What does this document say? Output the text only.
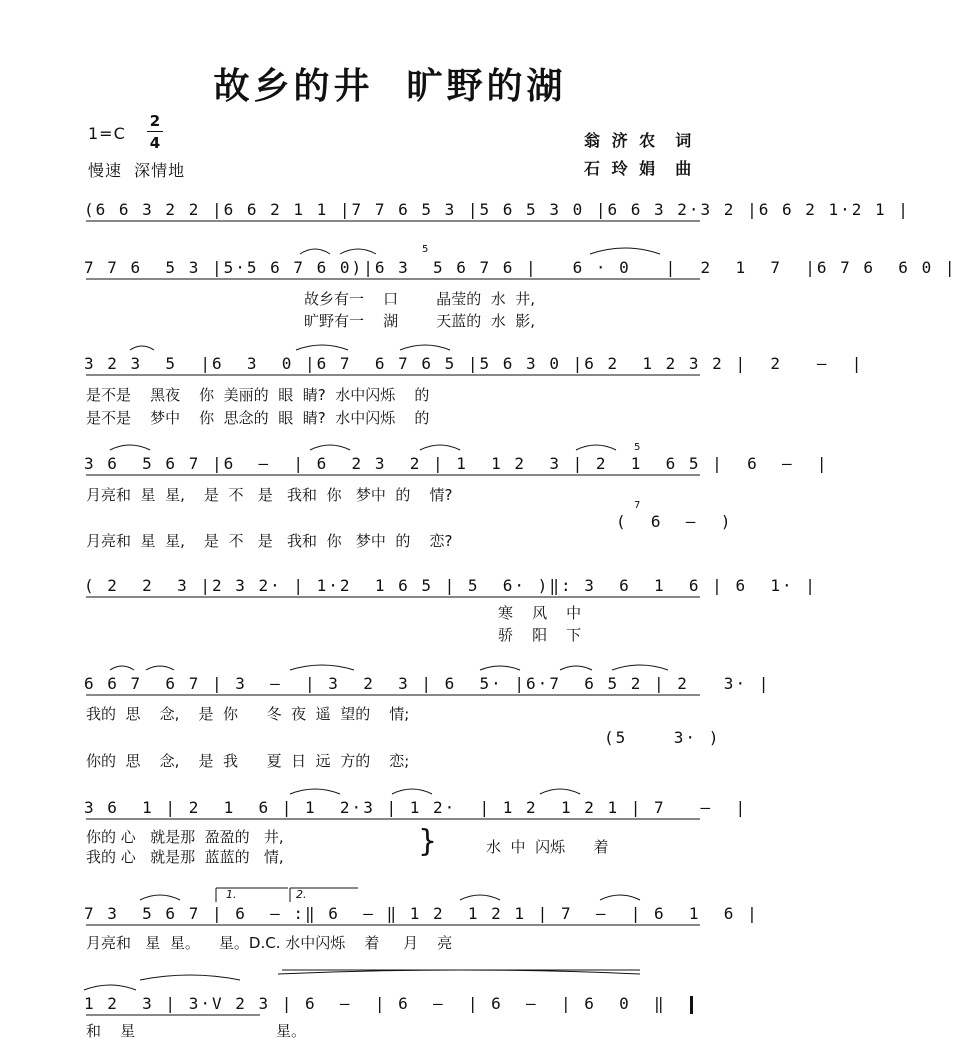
故乡的井  旷野的湖
1=C
2
4
慢速  深情地
翁 济 农  词
石 玲 娟  曲
(6 6 3 2 2 |6 6 2 1 1 |7 7 6 5 3 |5 6 5 3 0 |6 6 3 2·3 2 |6 6 2 1·2 1 |
7 7 6  5 3 |5·5 6 7 6 0)|6 3  5 6 7 6 |   6 · 0   |  2  1  7  |6 7 6  6 0 |
5
故乡有一    口        晶莹的  水  井,
旷野有一    湖        天蓝的  水  影,
3 2 3  5  |6  3  0 |6 7  6 7 6 5 |5 6 3 0 |6 2  1 2 3 2 |  2   –  |
是不是    黑夜    你  美丽的  眼  睛?  水中闪烁    的
是不是    梦中    你  思念的  眼  睛?  水中闪烁    的
3 6  5 6 7 |6  –  | 6  2 3  2 | 1  1 2  3 | 2  1  6 5 |  6  –  |
5
月亮和  星  星,    是  不   是   我和  你   梦中  的    情?
(  6  –  )
7
月亮和  星  星,    是  不   是   我和  你   梦中  的    恋?
( 2  2  3 |2 3 2· | 1·2  1 6 5 | 5  6· )‖: 3  6  1  6 | 6  1· |
寒    风    中
骄    阳    下
6 6 7  6 7 | 3  –  | 3  2  3 | 6  5· |6·7  6 5 2 | 2   3· |
我的  思    念,    是  你      冬  夜  遥  望的    情;
(5    3· )
你的  思    念,    是  我      夏  日  远  方的    恋;
3 6  1 | 2  1  6 | 1  2·3 | 1 2·  | 1 2  1 2 1 | 7   –  |
你的 心   就是那  盈盈的   井,
我的 心   就是那  蓝蓝的   情,	}	水  中  闪烁      着
1.	2.
7 3  5 6 7 | 6  – :‖ 6  – ‖ 1 2  1 2 1 | 7  –  | 6  1  6 |
月亮和   星  星。    星。D.C. 水中闪烁    着     月    亮
1 2  3 | 3·V 2 3 | 6  –  | 6  –  | 6  –  | 6  0  ‖
和    星	星。
